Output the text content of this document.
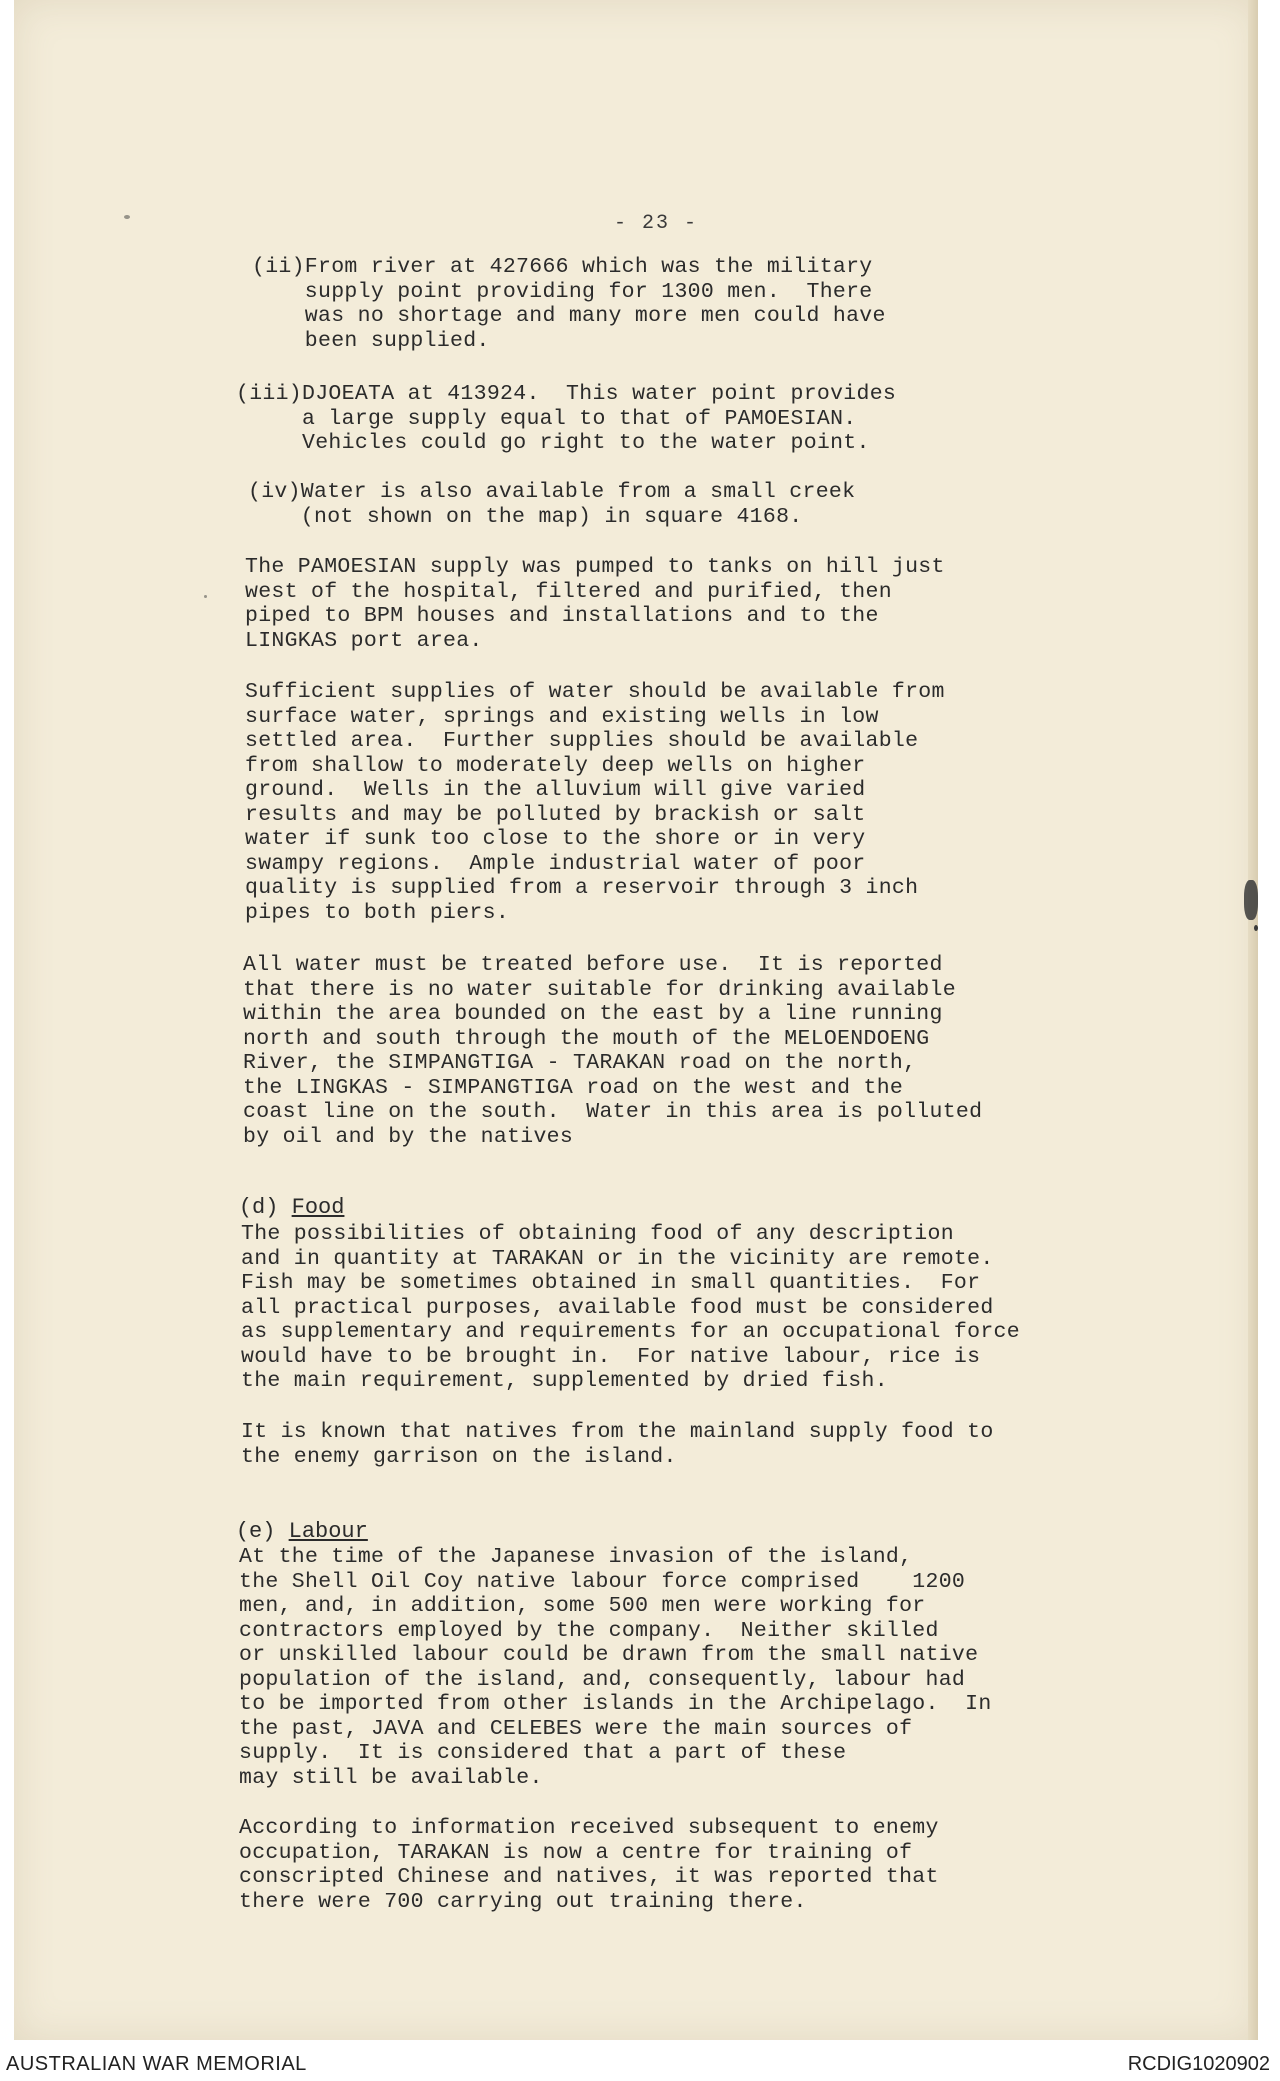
- 23 -
(ii)From river at 427666 which was the military
supply point providing for 1300 men.  There
was no shortage and many more men could have
been supplied.
(iii)DJOEATA at 413924.  This water point provides
a large supply equal to that of PAMOESIAN.
Vehicles could go right to the water point.
(iv)Water is also available from a small creek
(not shown on the map) in square 4168.
The PAMOESIAN supply was pumped to tanks on hill just
west of the hospital, filtered and purified, then
piped to BPM houses and installations and to the
LINGKAS port area.
Sufficient supplies of water should be available from
surface water, springs and existing wells in low
settled area.  Further supplies should be available
from shallow to moderately deep wells on higher
ground.  Wells in the alluvium will give varied
results and may be polluted by brackish or salt
water if sunk too close to the shore or in very
swampy regions.  Ample industrial water of poor
quality is supplied from a reservoir through 3 inch
pipes to both piers.
All water must be treated before use.  It is reported
that there is no water suitable for drinking available
within the area bounded on the east by a line running
north and south through the mouth of the MELOENDOENG
River, the SIMPANGTIGA - TARAKAN road on the north,
the LINGKAS - SIMPANGTIGA road on the west and the
coast line on the south.  Water in this area is polluted
by oil and by the natives

(d) Food

The possibilities of obtaining food of any description
and in quantity at TARAKAN or in the vicinity are remote.
Fish may be sometimes obtained in small quantities.  For
all practical purposes, available food must be considered
as supplementary and requirements for an occupational force
would have to be brought in.  For native labour, rice is
the main requirement, supplemented by dried fish.
It is known that natives from the mainland supply food to
the enemy garrison on the island.

(e) Labour

At the time of the Japanese invasion of the island,
the Shell Oil Coy native labour force comprised    1200
men, and, in addition, some 500 men were working for
contractors employed by the company.  Neither skilled
or unskilled labour could be drawn from the small native
population of the island, and, consequently, labour had
to be imported from other islands in the Archipelago.  In
the past, JAVA and CELEBES were the main sources of
supply.  It is considered that a part of these
may still be available.
According to information received subsequent to enemy
occupation, TARAKAN is now a centre for training of
conscripted Chinese and natives, it was reported that
there were 700 carrying out training there.
AUSTRALIAN WAR MEMORIAL	RCDIG1020902
